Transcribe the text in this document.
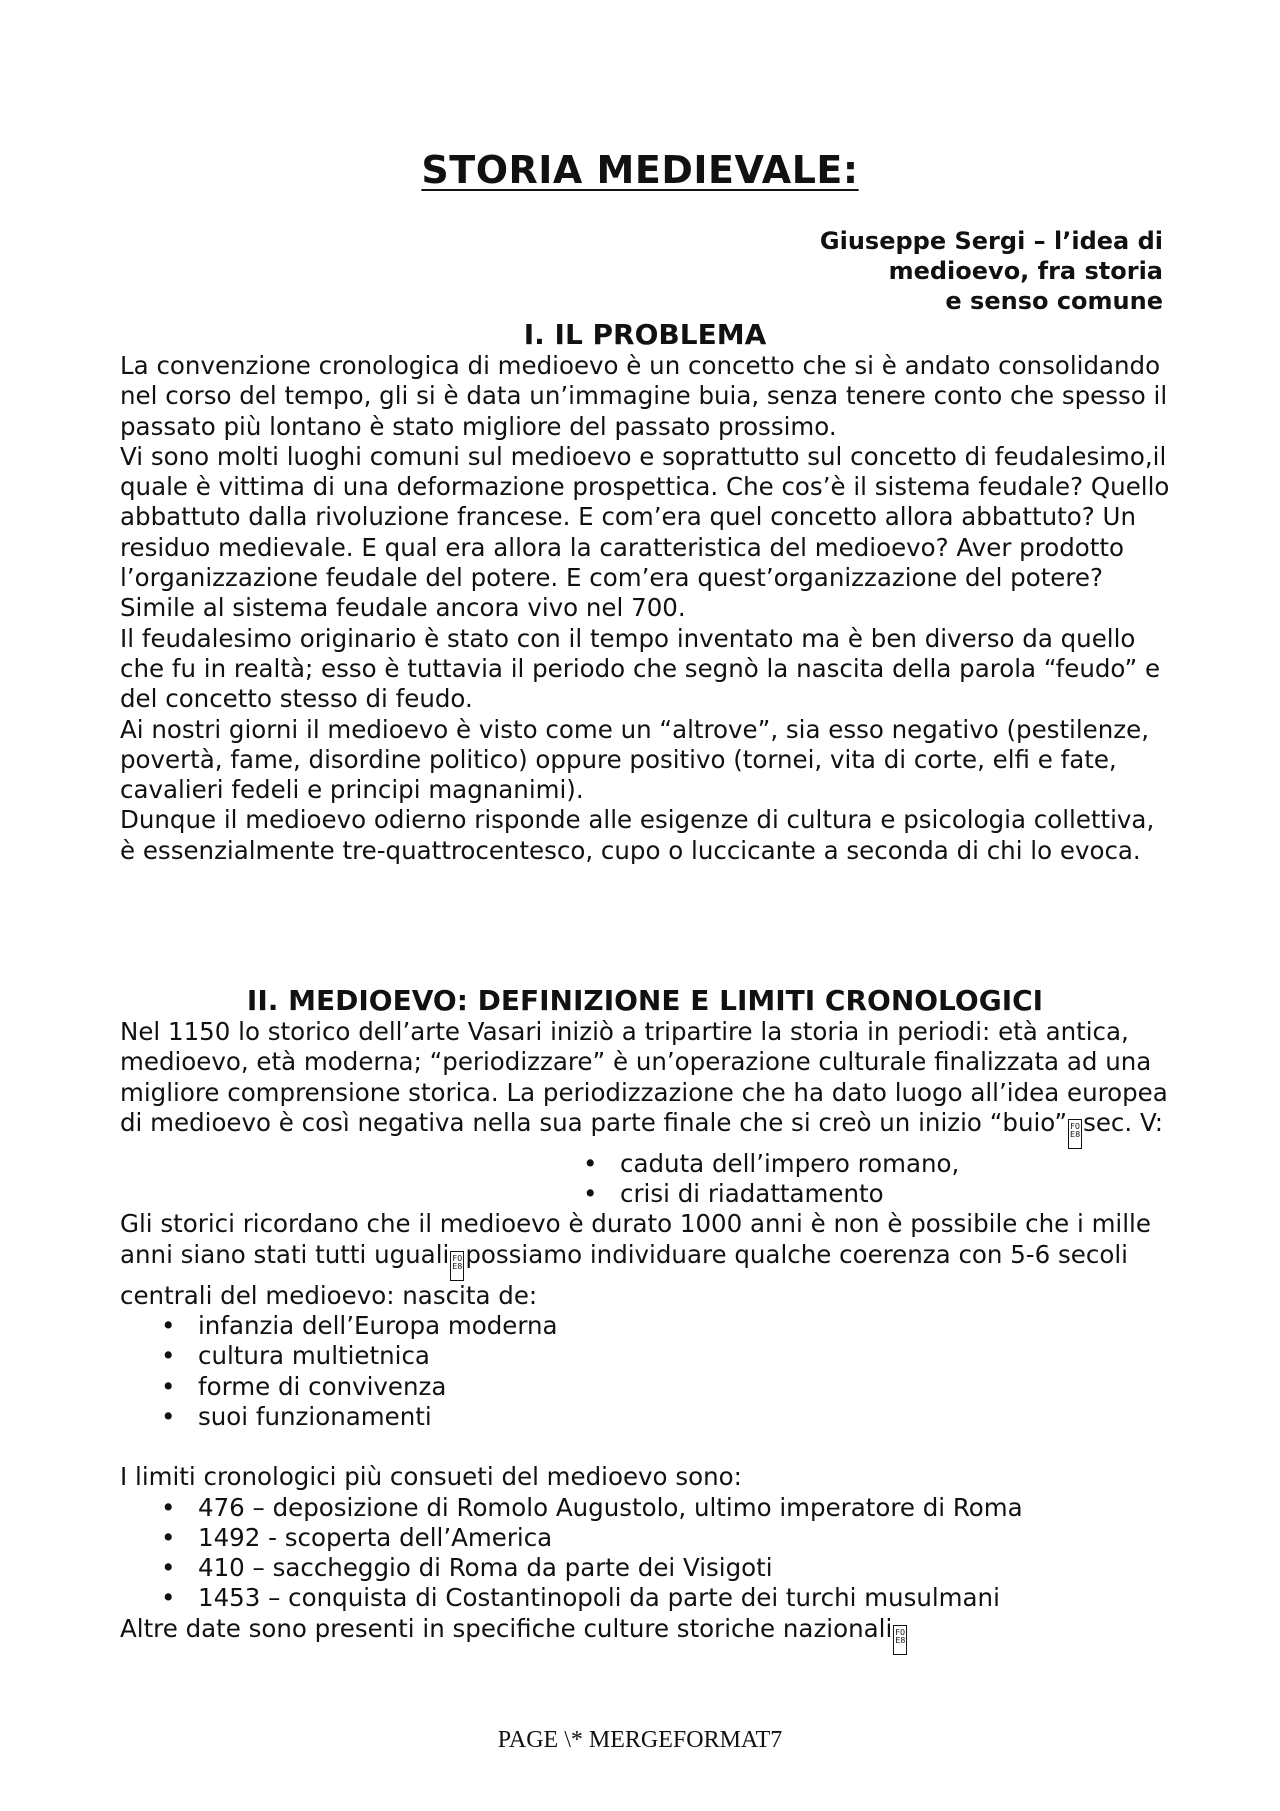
STORIA MEDIEVALE:
Giuseppe Sergi – l’idea di
medioevo, fra storia
e senso comune

I. IL PROBLEMA

La convenzione cronologica di medioevo è un concetto che si è andato consolidando nel corso del tempo, gli si è data un’immagine buia, senza tenere conto che spesso il passato più lontano è stato migliore del passato prossimo.

Vi sono molti luoghi comuni sul medioevo e soprattutto sul concetto di feudalesimo,il quale è vittima di una deformazione prospettica. Che cos’è il sistema feudale? Quello abbattuto dalla rivoluzione francese. E com’era quel concetto allora abbattuto? Un residuo medievale. E qual era allora la caratteristica del medioevo? Aver prodotto l’organizzazione feudale del potere. E com’era quest’organizzazione del potere? Simile al sistema feudale ancora vivo nel 700.

Il feudalesimo originario è stato con il tempo inventato ma è ben diverso da quello che fu in realtà; esso è tuttavia il periodo che segnò la nascita della parola “feudo” e del concetto stesso di feudo.

Ai nostri giorni il medioevo è visto come un “altrove”, sia esso negativo (pestilenze, povertà, fame, disordine politico) oppure positivo (tornei, vita di corte, elfi e fate, cavalieri fedeli e principi magnanimi).

Dunque il medioevo odierno risponde alle esigenze di cultura e psicologia collettiva, è essenzialmente tre-quattrocentesco, cupo o luccicante a seconda di chi lo evoca.

II. MEDIOEVO: DEFINIZIONE E LIMITI CRONOLOGICI

Nel 1150 lo storico dell’arte Vasari iniziò a tripartire la storia in periodi: età antica, medioevo, età moderna; “periodizzare” è un’operazione culturale finalizzata ad una migliore comprensione storica. La periodizzazione che ha dato luogo all’idea europea di medioevo è così negativa nella sua parte finale che si creò un inizio “buio” F0
E8 sec. V:

• caduta dell’impero romano,
• crisi di riadattamento

Gli storici ricordano che il medioevo è durato 1000 anni è non è possibile che i mille anni siano stati tutti uguali F0
E8 possiamo individuare qualche coerenza con 5-6 secoli centrali del medioevo: nascita de:

• infanzia dell’Europa moderna
• cultura multietnica
• forme di convivenza
• suoi funzionamenti

I limiti cronologici più consueti del medioevo sono:

• 476 – deposizione di Romolo Augustolo, ultimo imperatore di Roma
• 1492 - scoperta dell’America
• 410 – saccheggio di Roma da parte dei Visigoti
• 1453 – conquista di Costantinopoli da parte dei turchi musulmani

Altre date sono presenti in specifiche culture storiche nazionali F0
E8

PAGE \* MERGEFORMAT7
